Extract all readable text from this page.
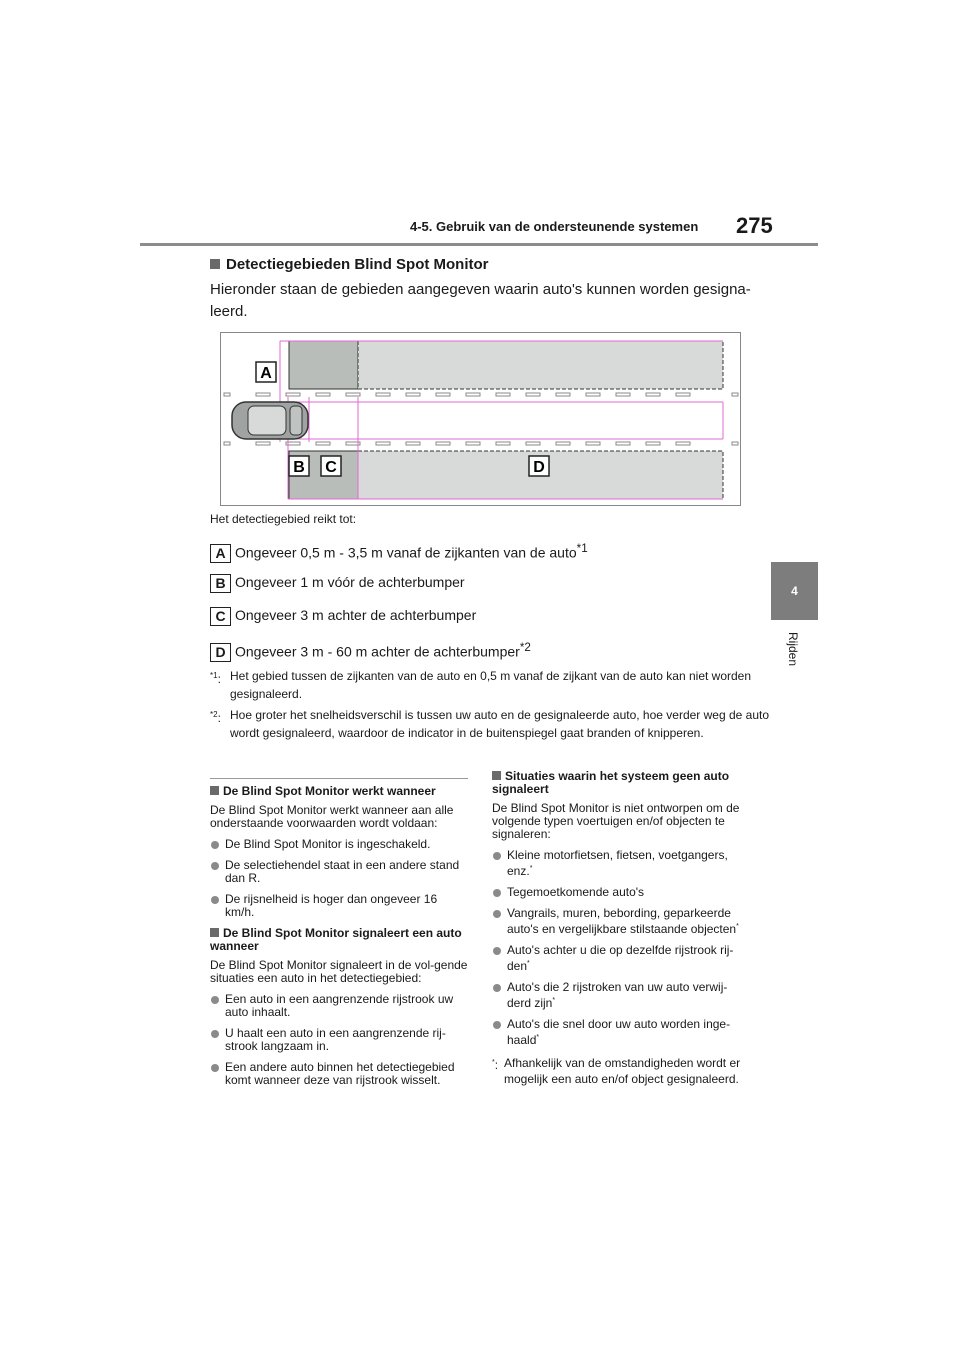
4-5. Gebruik van de ondersteunende systemen 275
4
Rijden
Detectiegebieden Blind Spot Monitor
Hieronder staan de gebieden aangegeven waarin auto's kunnen worden gesigna-leerd.
A
B C	D
Het detectiegebied reikt tot:
A Ongeveer 0,5 m - 3,5 m vanaf de zijkanten van de auto$^{*1}$
B Ongeveer 1 m vóór de achterbumper
C Ongeveer 3 m achter de achterbumper
D Ongeveer 3 m - 60 m achter de achterbumper$^{*2}$
$^{*1}$: Het gebied tussen de zijkanten van de auto en 0,5 m vanaf de zijkant van de auto kan niet worden gesignaleerd.
$^{*2}$: Hoe groter het snelheidsverschil is tussen uw auto en de gesignaleerde auto, hoe verder weg de auto wordt gesignaleerd, waardoor de indicator in de buitenspiegel gaat branden of knipperen.
De Blind Spot Monitor werkt wanneer
De Blind Spot Monitor werkt wanneer aan alle onderstaande voorwaarden wordt voldaan:
De Blind Spot Monitor is ingeschakeld.
De selectiehendel staat in een andere stand dan R.
De rijsnelheid is hoger dan ongeveer 16 km/h.
De Blind Spot Monitor signaleert een auto wanneer
De Blind Spot Monitor signaleert in de vol-gende situaties een auto in het detectiegebied:
Een auto in een aangrenzende rijstrook uw auto inhaalt.
U haalt een auto in een aangrenzende rij-strook langzaam in.
Een andere auto binnen het detectiegebied komt wanneer deze van rijstrook wisselt.
Situaties waarin het systeem geen auto signaleert
De Blind Spot Monitor is niet ontworpen om de volgende typen voertuigen en/of objecten te signaleren:
Kleine motorfietsen, fietsen, voetgangers, enz.*
Tegemoetkomende auto's
Vangrails, muren, bebording, geparkeerde auto's en vergelijkbare stilstaande objecten*
Auto's achter u die op dezelfde rijstrook rij-den*
Auto's die 2 rijstroken van uw auto verwij-derd zijn*
Auto's die snel door uw auto worden inge-haald*
*: Afhankelijk van de omstandigheden wordt er mogelijk een auto en/of object gesignaleerd.
